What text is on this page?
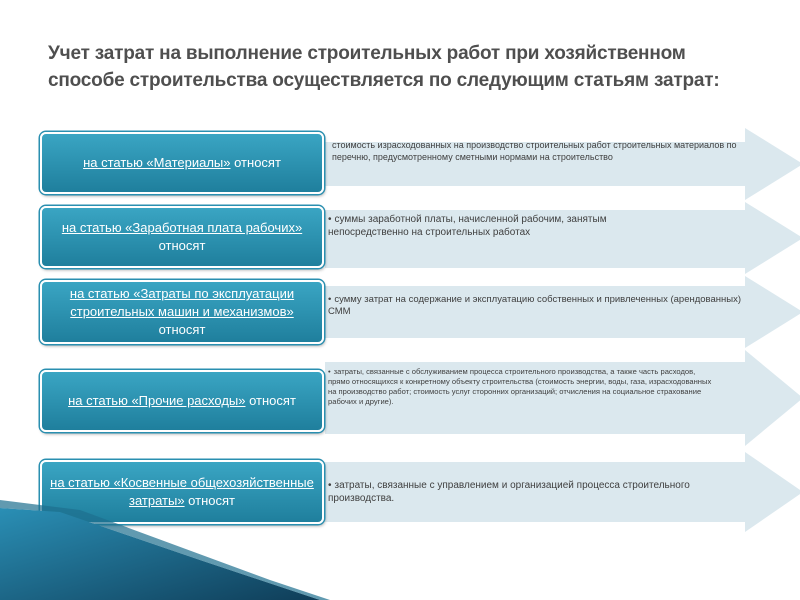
Учет затрат на выполнение строительных работ при хозяйственном способе строительства осуществляется по следующим статьям затрат:
на статью «Материалы» относят
стоимость израсходованных на производство строительных работ строительных материалов по перечню, предусмотренному сметными нормами на строительство
на статью «Заработная плата рабочих» относят
• суммы заработной платы, начисленной рабочим, занятым непосредственно на строительных работах
на статью «Затраты по эксплуатации строительных машин и механизмов» относят
• сумму затрат на содержание и эксплуатацию собственных и привлеченных (арендованных) СММ
на статью «Прочие расходы» относят
• затраты, связанные с обслуживанием процесса строительного производства, а также часть расходов, прямо относящихся к конкретному объекту строительства (стоимость энергии, воды, газа, израсходованных на производство работ; стоимость услуг сторонних организаций; отчисления на социальное страхование рабочих и другие).
на статью «Косвенные общехозяйственные затраты» относят
• затраты, связанные с управлением и организацией процесса строительного производства.
